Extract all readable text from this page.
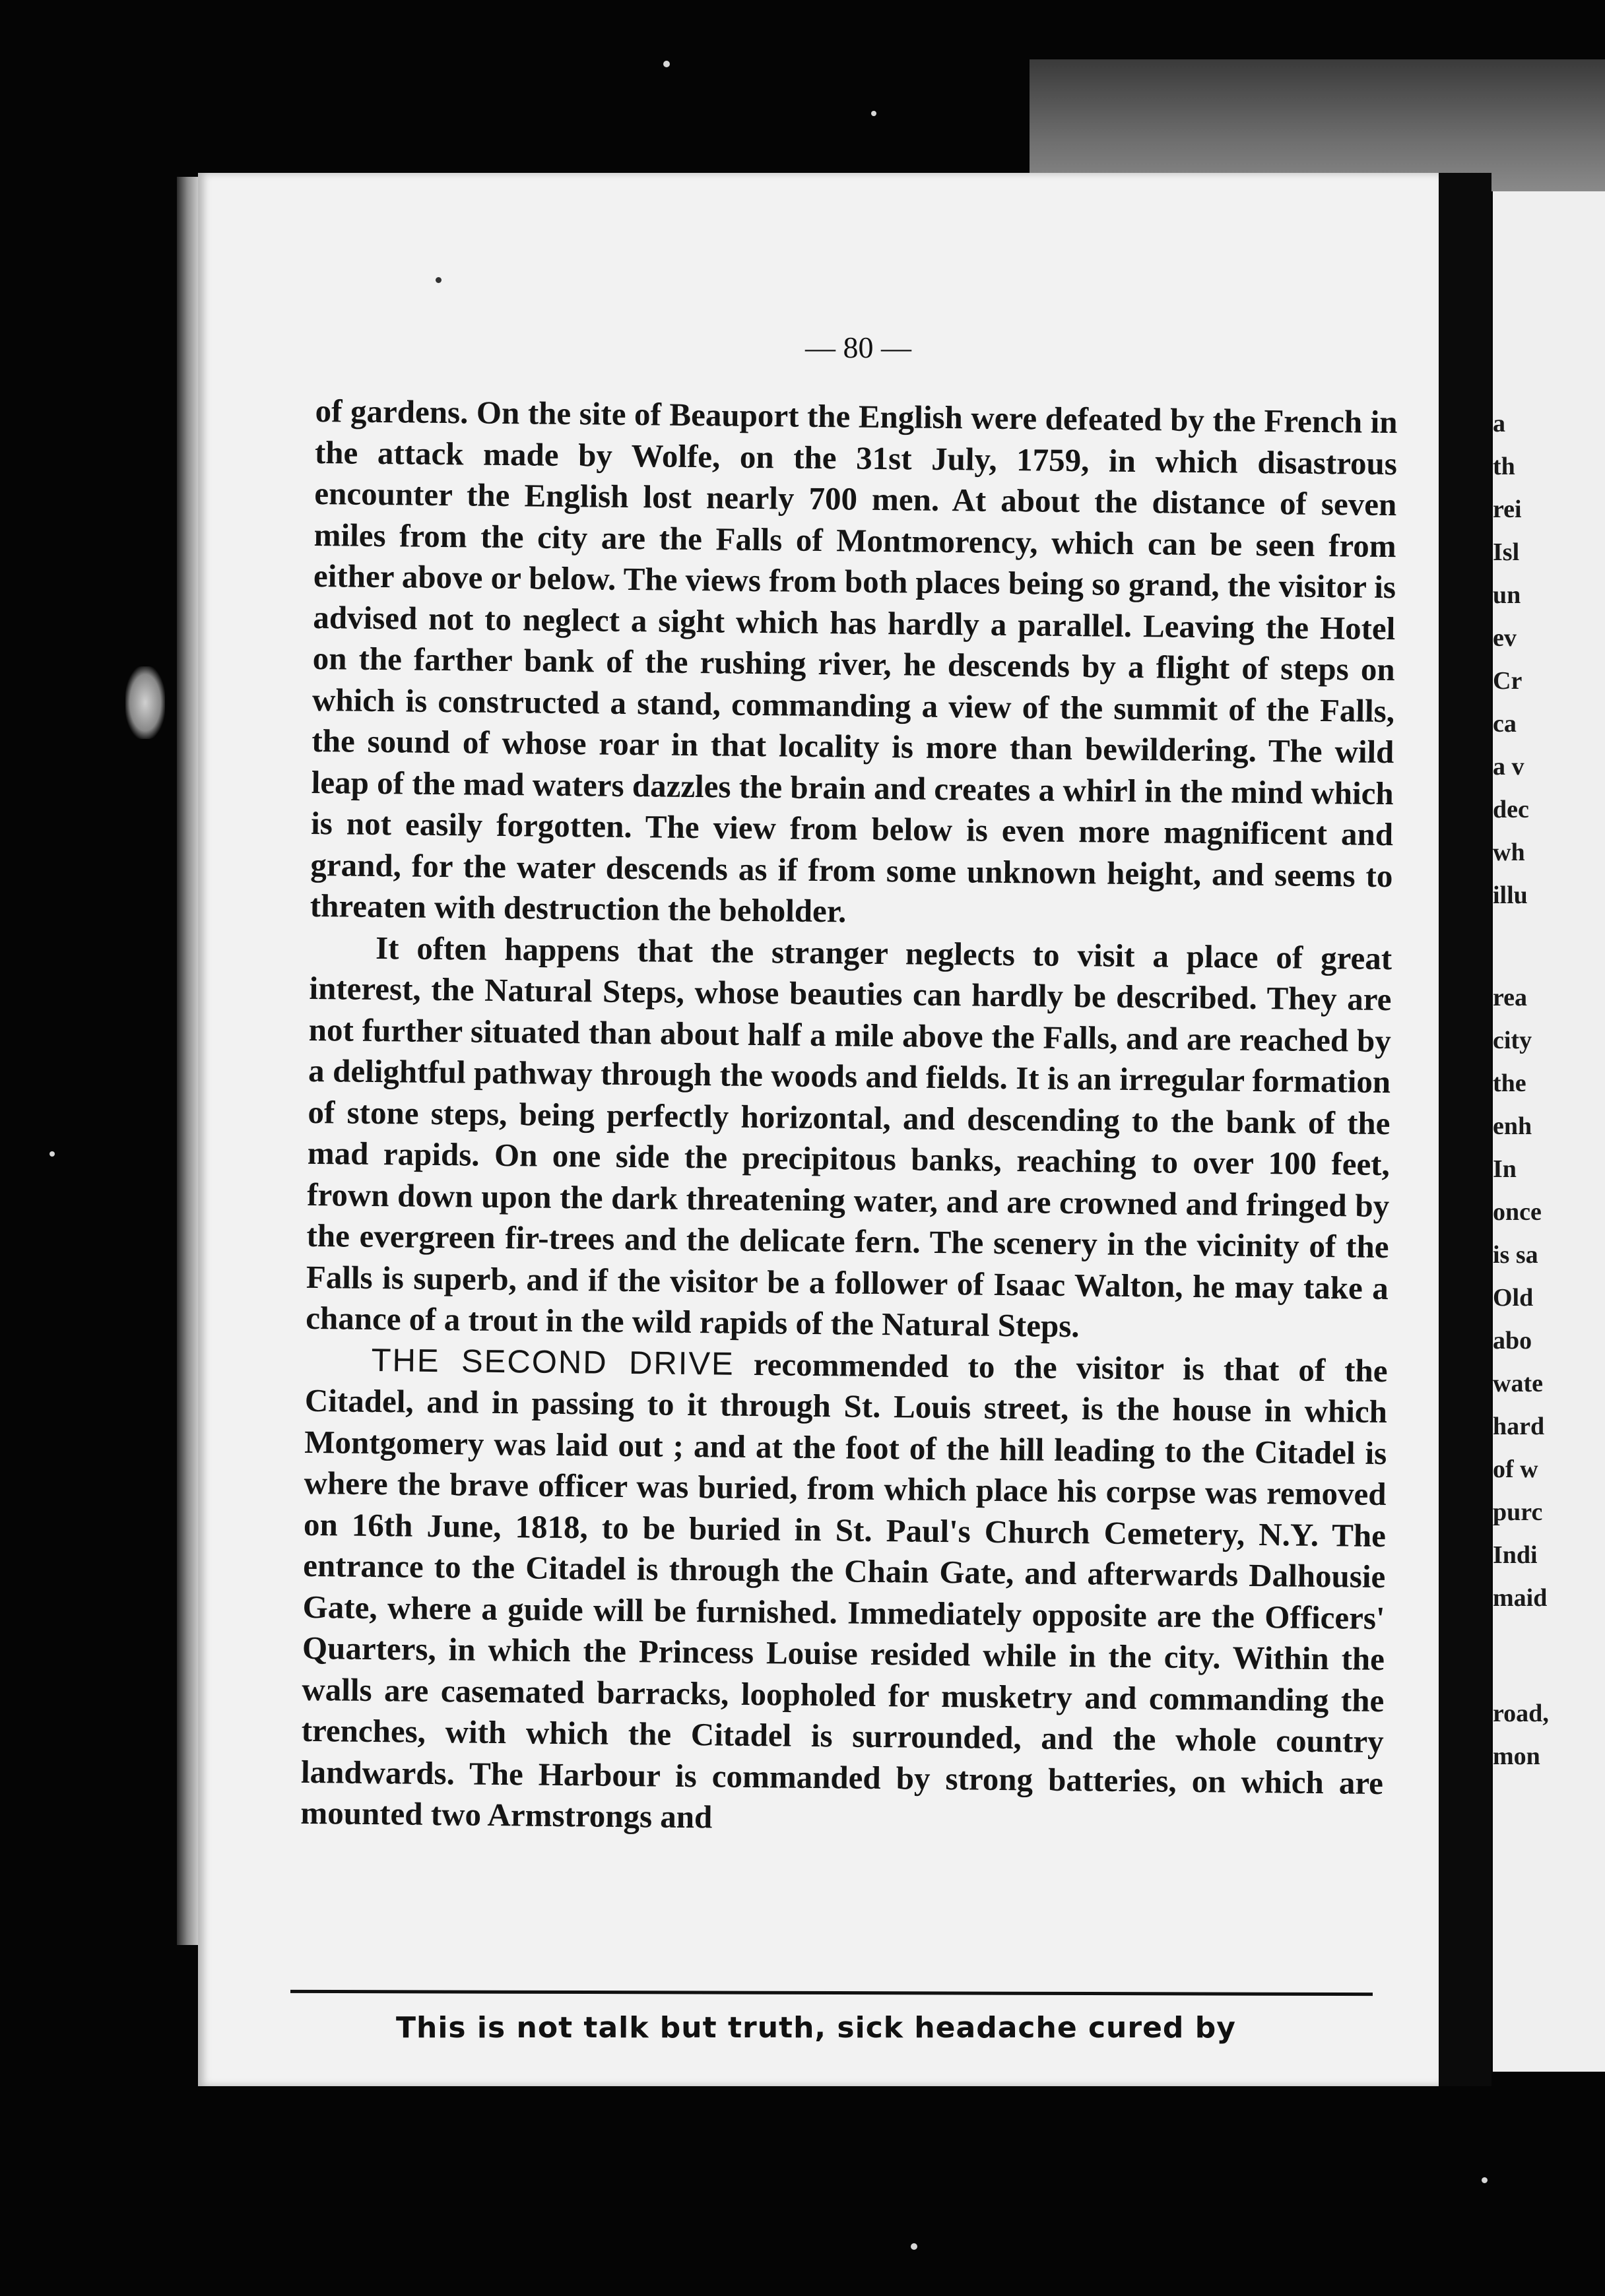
a
th
rei
Isl
un
ev
Cr
ca
a v
dec
wh
illu
rea
city
the
enh
In
once
is sa
Old
abo
wate
hard
of w
purc
Indi
maid
road,
mon
— 80 —

of gardens. On the site of Beauport the English were defeated by the French in the attack made by Wolfe, on the 31st July, 1759, in which disastrous encounter the English lost nearly 700 men. At about the distance of seven miles from the city are the Falls of Montmorency, which can be seen from either above or below. The views from both places being so grand, the visitor is advised not to neglect a sight which has hardly a parallel. Leaving the Hotel on the farther bank of the rushing river, he descends by a flight of steps on which is constructed a stand, commanding a view of the summit of the Falls, the sound of whose roar in that locality is more than bewildering. The wild leap of the mad waters dazzles the brain and creates a whirl in the mind which is not easily forgotten. The view from below is even more magnificent and grand, for the water descends as if from some unknown height, and seems to threaten with destruction the beholder.

It often happens that the stranger neglects to visit a place of great interest, the Natural Steps, whose beauties can hardly be described. They are not further situated than about half a mile above the Falls, and are reached by a delightful pathway through the woods and fields. It is an irregular formation of stone steps, being perfectly horizontal, and descending to the bank of the mad rapids. On one side the precipitous banks, reaching to over 100 feet, frown down upon the dark threatening water, and are crowned and fringed by the evergreen fir-trees and the delicate fern. The scenery in the vicinity of the Falls is superb, and if the visitor be a follower of Isaac Walton, he may take a chance of a trout in the wild rapids of the Natural Steps.

THE SECOND DRIVE recommended to the visitor is that of the Citadel, and in passing to it through St. Louis street, is the house in which Montgomery was laid out ; and at the foot of the hill leading to the Citadel is where the brave officer was buried, from which place his corpse was removed on 16th June, 1818, to be buried in St. Paul's Church Cemetery, N.Y. The entrance to the Citadel is through the Chain Gate, and afterwards Dalhousie Gate, where a guide will be furnished. Immediately opposite are the Officers' Quarters, in which the Princess Louise resided while in the city. Within the walls are casemated barracks, loopholed for musketry and commanding the trenches, with which the Citadel is surrounded, and the whole country landwards. The Harbour is commanded by strong batteries, on which are mounted two Armstrongs and

This is not talk but truth, sick headache cured by
